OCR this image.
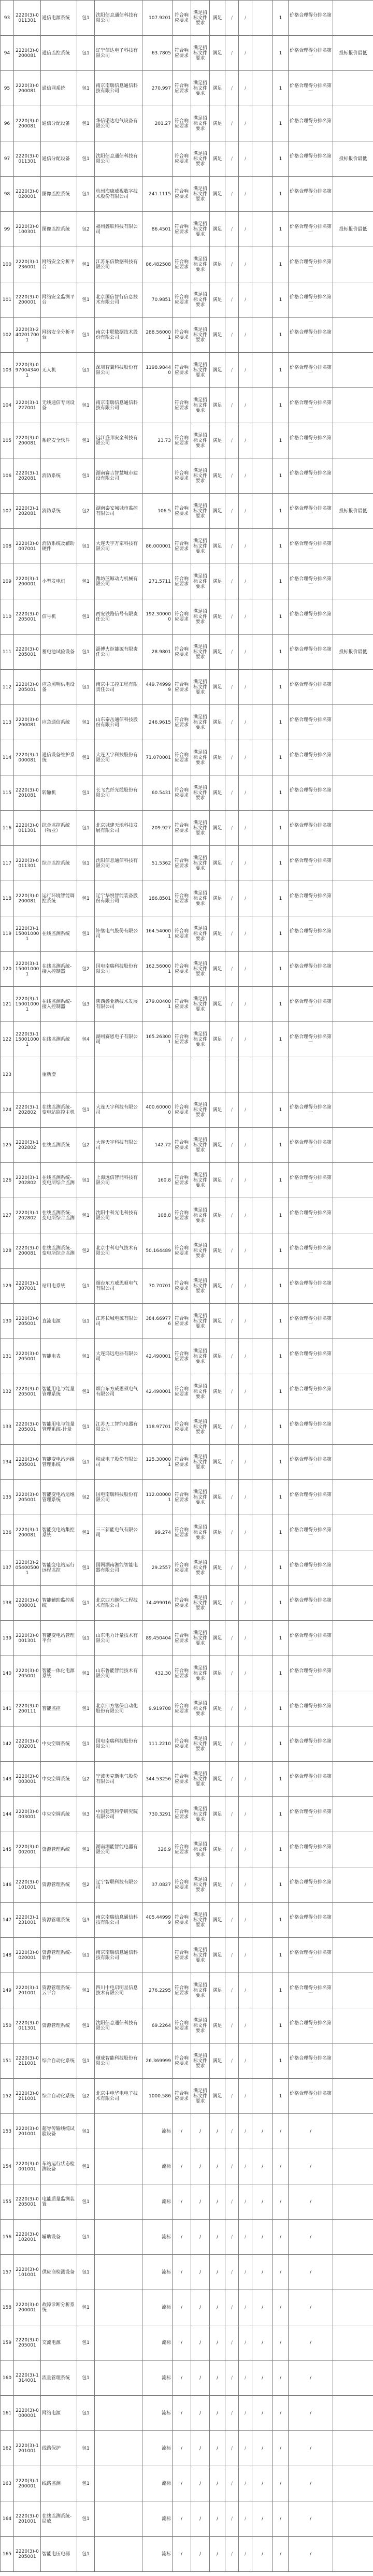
93	2220(3)-0011301	通信电源系统	包1	沈阳信息通信科技有限公司	107.9201	符合响应要求	满足招标文件要求	满足	/	/		1	价格合理得分排名第一	
94	2220(3)-0200081	通信监控系统	包1	辽宁信达电子科技有限公司	63.7805	符合响应要求	满足招标文件要求	满足	/	/		1	价格合理得分排名第一	投标报价最低
95	2220(3)-0200081	通信网系统	包1	南京南瑞信息通信科技有限公司	270.997	符合响应要求	满足招标文件要求	满足	/	/		1	价格合理得分排名第一	
96	2220(3)-0200081	通信分配设备	包1	华信诺达电气设备有限公司	201.27	符合响应要求	满足招标文件要求	满足	/	/		1	价格合理得分排名第一	
97	2220(3)-0011301	通信分配设备	包1	沈阳信息通信科技有限公司		符合响应要求	满足招标文件要求	满足	/	/		1	价格合理得分排名第一	投标报价最低
98	2220(3)-0020001	图像监控系统	包1	杭州海康威视数字技术股份有限公司	241.1115	符合响应要求	满足招标文件要求	满足	/	/		1	价格合理得分排名第一	
99	2220(3)-0100301	图像监控系统	包2	福州鑫联科技有限公司	86.4501	符合响应要求	满足招标文件要求	满足	/	/		1	价格合理得分排名第一	投标报价最低
100	2220(3)-1236001	网络安全分析平台	包1	江苏东信数据科技有限公司	86.482508	符合响应要求	满足招标文件要求	满足	/	/		1	价格合理得分排名第一	
101	2220(3)-0200001	网络安全监测平台	包1	北京国信智行信息技术有限公司	70.9851	符合响应要求	满足招标文件要求	满足	/	/		1	价格合理得分排名第一	
102	2220(3)-2402017001	网络安全分析平台	包1	南京中联数据技术股份有限公司	288.560001	符合响应要求	满足招标文件要求	满足	/	/		1	价格合理得分排名第一	
103	2220(3)-0970043401	无人机	包1	深圳智翼科技股份有限公司	1198.98440	符合响应要求	满足招标文件要求	满足	/	/		1	价格合理得分排名第一	
104	2220(3)-1227001	无线通信专网设备	包1	南京南瑞信息通信科技有限公司		符合响应要求	满足招标文件要求	满足	/	/		1	价格合理得分排名第一	
105	2220(3)-0200081	系统安全软件	包1	远江盛邦安全科技有限公司	23.73	符合响应要求	满足招标文件要求	满足	/	/		1	价格合理得分排名第一	
106	2220(3)-1202081	消防系统	包1	湖南赛吉智慧城市建设有限公司		符合响应要求	满足招标文件要求	满足	/	/		1	价格合理得分排名第一	
107	2220(3)-1202081	消防系统	包2	湖南泰安城城市监控有限公司	106.5	符合响应要求	满足招标文件要求	满足	/	/		1	价格合理得分排名第一	投标报价最低
108	2220(3)-0007001	消防系统及辅助硬件	包1	大连天宇万家科技有限公司	86.000001	符合响应要求	满足招标文件要求	满足	/	/		1	价格合理得分排名第一	
109	2220(3)-1200001	小型发电机	包1	潍坊蓝鲸动力机械有限公司	271.5711	符合响应要求	满足招标文件要求	满足	/	/		1	价格合理得分排名第一	
110	2220(3)-0205001	信号机	包1	西安铁路信号有限责任公司	192.300000	符合响应要求	满足招标文件要求	满足	/	/		1	价格合理得分排名第一	
111	2220(3)-0205001	蓄电池试验设备	包1	淄博火炬能源有限责任公司	28.9801	符合响应要求	满足招标文件要求	满足	/	/		1	价格合理得分排名第一	投标报价最低
112	2220(3)-0205001	应急照明供电设备	包1	南京中工控工程有限责任公司	449.749999	符合响应要求	满足招标文件要求	满足	/	/		1	价格合理得分排名第一	
113	2220(3)-0200081	应急通信系统	包1	山东泰岳通信科技股份有限公司	246.9615	符合响应要求	满足招标文件要求	满足	/	/		1	价格合理得分排名第一	
114	2220(3)-1000081	通信设备维护系统	包1	大连天宇科技股份有限公司	71.070001	符合响应要求	满足招标文件要求	满足	/	/		1	价格合理得分排名第一	
115	2220(3)-0201081	转辙机	包1	长飞光纤光缆股份有限公司	60.5431	符合响应要求	满足招标文件要求	满足	/	/		1	价格合理得分排名第一	
116	2220(3)-0011301	综合监控系统（物业）	包1	北京城建天地科技发展有限公司	209.927	符合响应要求	满足招标文件要求	满足	/	/		1	价格合理得分排名第一	
117	2220(3)-0011301	综合监控系统	包1	沈阳信息通信科技有限公司	51.5362	符合响应要求	满足招标文件要求	满足	/	/		1	价格合理得分排名第一	
118	2220(3)-0200081	运行环境智能调控系统	包1	辽宁华悦智能装备股份有限公司	186.8501	符合响应要求	满足招标文件要求	满足	/	/		1	价格合理得分排名第一	
119	2220(3)-1150010001	在线监测系统	包1	许继电气股份有限公司	164.540001	符合响应要求	满足招标文件要求	满足	/	/		1	价格合理得分排名第一	
120	2220(3)-1150010001	在线监测系统-接入控制器	包2	国电南瑞科技股份有限公司	162.560001	符合响应要求	满足招标文件要求	满足	/	/		1	价格合理得分排名第一	
121	2220(3)-1150010001	在线监测系统-接入控制器	包3	陕西鑫业新技术发展有限公司	279.004001	符合响应要求	满足招标文件要求	满足	/	/		1	价格合理得分排名第一	
122	2220(3)-1150010001	在线监测系统	包4	湖州赛恩电子有限公司	165.263001	符合响应要求	满足招标文件要求	满足	/	/		1	价格合理得分排名第一	
123		重新澄												
124	2220(3)-1202802	在线监测系统-变电站监控主机	包1	大连天宇科技有限公司	400.600000	符合响应要求	满足招标文件要求	满足	/	/		1	价格合理得分排名第一	
125	2220(3)-1202802	在线监测系统	包2	大连天宇科技有限公司	142.72	符合响应要求	满足招标文件要求	满足	/	/		1	价格合理得分排名第一	
126	2220(3)-1202802	在线监测系统-变电所综合监测	包1	上海远信智能科技有限公司	160.8	符合响应要求	满足招标文件要求	满足	/	/		1	价格合理得分排名第一	
127	2220(3)-1202802	在线监测系统-变电所综合监测	包1	沈阳中科光电科技有限公司	108.8	符合响应要求	满足招标文件要求	满足	/	/		1	价格合理得分排名第一	
128	2220(3)-0200081	在线监测系统-变电所综合监测	包2	北京中科电气技术有限公司	50.164489	符合响应要求	满足招标文件要求	满足	/	/		1	价格合理得分排名第一	
129	2220(3)-1307001	站用电系统	包1	烟台东方威思顿电气有限公司	70.70701	符合响应要求	满足招标文件要求	满足	/	/		1	价格合理得分排名第一	
130	2220(3)-0205001	直流电源	包1	江苏长城电源有限公司	384.669776	符合响应要求	满足招标文件要求	满足	/	/		1	价格合理得分排名第一	
131	2220(3)-0205001	智能电表	包1	大连鸿远电器有限公司	42.490001	符合响应要求	满足招标文件要求	满足	/	/		1	价格合理得分排名第一	
132	2220(3)-0205001	智能用电与能量管理系统	包1	烟台东方威思顿电气有限公司	42.490001	符合响应要求	满足招标文件要求	满足	/	/		1	价格合理得分排名第一	
133	2220(3)-0205001	智能用电与能量管理系统-计量	包1	江苏天工智能电器有限公司	118.97701	符合响应要求	满足招标文件要求	满足	/	/		1	价格合理得分排名第一	
134	2220(3)-0205001	智能变电站运维管理系统	包1	积成电子股份有限公司	125.300001	符合响应要求	满足招标文件要求	满足	/	/		1	价格合理得分排名第一	
135	2220(3)-0205001	智能变电站运维管理系统	包2	国电南瑞科技股份有限公司	112.000001	符合响应要求	满足招标文件要求	满足	/	/		1	价格合理得分排名第一	
136	2220(3)-1200081	智能变电站集控系统	包1	三三新能电气有限公司	99.274	符合响应要求	满足招标文件要求	满足	/	/		1	价格合理得分排名第一	
137	2220(3)-2054005001	智能变电站运行远程监控	包1	国网湖南湘能智能电器有限公司	29.2557	符合响应要求	满足招标文件要求	满足	/	/		1	价格合理得分排名第一	
138	2220(3)-0008001	智能辅助监控系统	包1	北京四方继保工程技术有限公司	74.499016	符合响应要求	满足招标文件要求	满足	/	/		1	价格合理得分排名第一	
139	2220(3)-0001301	智能变电站管理平台	包1	山东电力计量技术有限公司	89.450404	符合响应要求	满足招标文件要求	满足	/	/		1	价格合理得分排名第一	
140	2220(3)-0205001	智能一体化电源系统	包1	山东鲁能智能技术有限公司	432.30	符合响应要求	满足招标文件要求	满足	/	/		1	价格合理得分排名第一	
141	2220(3)-0200111	智能监控	包1	北京四方继保自动化股份有限公司	9.919708	符合响应要求	满足招标文件要求	满足	/	/		1	价格合理得分排名第一	
142	2220(3)-0002001	中央空调系统	包1	国电南瑞科技股份有限公司	111.2210	符合响应要求	满足招标文件要求	满足	/	/		1	价格合理得分排名第一	
143	2220(3)-0003001	中央空调系统	包2	宁波奥克斯电气股份有限公司	344.53256	符合响应要求	满足招标文件要求	满足	/	/		1	价格合理得分排名第一	
144	2220(3)-0003001	中央空调系统	包3	中国建筑科学研究院有限公司	730.3291	符合响应要求	满足招标文件要求	满足	/	/		1	价格合理得分排名第一	
145	2220(3)-0002001	资源管理系统	包1	湖南湘能智能电器有限公司	326.9	符合响应要求	满足招标文件要求	满足	/	/		1	价格合理得分排名第一	
146	2220(3)-0101001	资源管理系统	包2	辽宁智联科技有限公司	37.0827	符合响应要求	满足招标文件要求	满足	/	/		1	价格合理得分排名第一	
147	2220(3)-1231001	资源管理系统	包3	南京南瑞信息通信科技有限公司	405.449999	符合响应要求	满足招标文件要求	满足	/	/		1	价格合理得分排名第一	
148	2220(3)-0020001	资源管理系统-软件	包1	南京南瑞信息通信科技有限公司		符合响应要求	满足招标文件要求	满足	/	/		1	价格合理得分排名第一	
149	2220(3)-1201001	资源管理系统-云平台	包1	四川中电启明星信息技术有限公司	276.2295	符合响应要求	满足招标文件要求	满足	/	/		1	价格合理得分排名第一	
150	2220(3)-0011301	资源管理系统	包1	沈阳信息通信科技有限公司	69.2264	符合响应要求	满足招标文件要求	满足	/	/		1	价格合理得分排名第一	
151	2220(3)-0211001	综合自动化系统	包1	積成智能科技股份有限公司	26.369999	符合响应要求	满足招标文件要求	满足	/	/		1	价格合理得分排名第一	
152	2220(3)-0211001	综合自动化系统	包2	北京中电华电电子技术有限公司	1000.586	符合响应要求	满足招标文件要求	满足	/	/		1	价格合理得分排名第一	
153	2220(3)-0201001	超导传输线缆试验设备	包1		流标	/	/	/	/	/	/	/	/	
154	2220(3)-0001001	车站运行状态检测设备	包1		流标	/	/	/	/	/	/	/	/	
155	2220(3)-0205001	电能质量监测装置	包1		流标	/	/	/	/	/	/	/	/	
156	2220(3)-0102001	辅助设备	包1		流标	/	/	/	/	/	/	/	/	
157	2220(3)-0101001	供应商检测设备	包1		流标	/	/	/	/	/	/	/	/	
158	2220(3)-0200001	故障诊断分析系统	包1		流标	/	/	/	/	/	/	/	/	
159	2220(3)-0205001	交流电源	包1		流标	/	/	/	/	/	/	/	/	
160	2220(3)-1314001	流量管理系统	包1		流标	/	/	/	/	/	/	/	/	
161	2220(3)-0000001	网络电源	包1		流标	/	/	/	/	/	/	/	/	
162	2220(3)-1201001	线路保护	包1		流标	/	/	/	/	/	/	/	/	
163	2220(3)-1200001	线路监测	包1		流标	/	/	/	/	/	/	/	/	
164	2220(3)-0201001	在线监测系统-局放	包1		流标	/	/	/	/	/	/	/	/	
165	2220(3)-0205001	智能电压电器	包1		流标	/	/	/	/	/	/	/	/	
